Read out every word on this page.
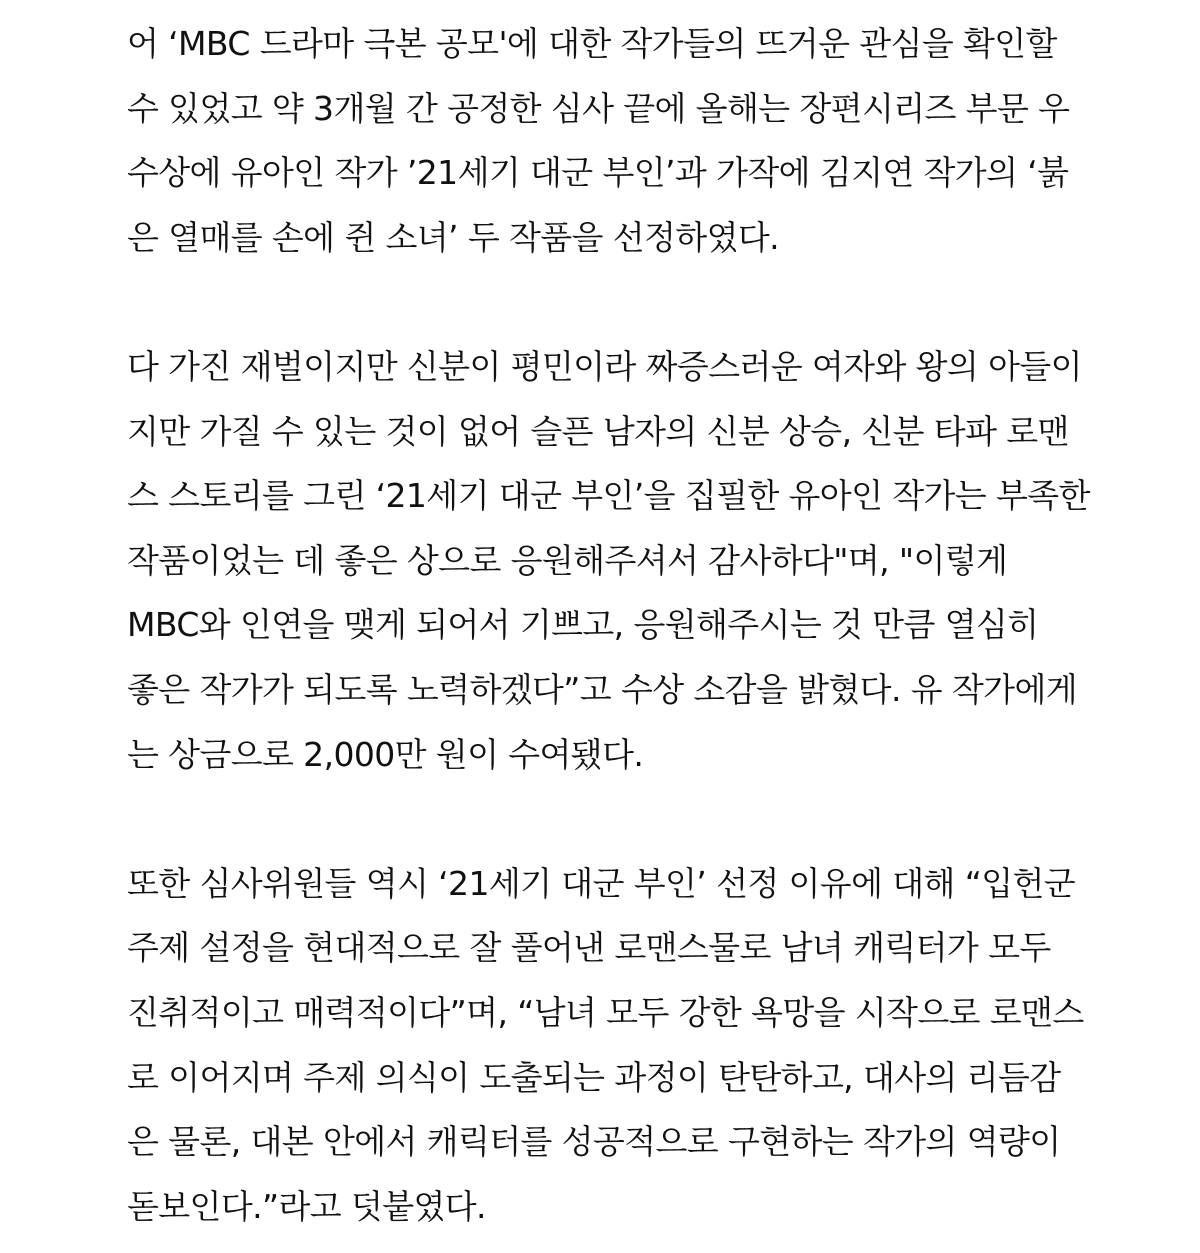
어 ‘MBC 드라마 극본 공모'에 대한 작가들의 뜨거운 관심을 확인할
수 있었고 약 3개월 간 공정한 심사 끝에 올해는 장편시리즈 부문 우
수상에 유아인 작가 ’21세기 대군 부인’과 가작에 김지연 작가의 ‘붉
은 열매를 손에 쥔 소녀’ 두 작품을 선정하였다.

다 가진 재벌이지만 신분이 평민이라 짜증스러운 여자와 왕의 아들이
지만 가질 수 있는 것이 없어 슬픈 남자의 신분 상승, 신분 타파 로맨
스 스토리를 그린 ‘21세기 대군 부인’을 집필한 유아인 작가는 부족한
작품이었는 데 좋은 상으로 응원해주셔서 감사하다"며, "이렇게
MBC와 인연을 맺게 되어서 기쁘고, 응원해주시는 것 만큼 열심히
좋은 작가가 되도록 노력하겠다”고 수상 소감을 밝혔다. 유 작가에게
는 상금으로 2,000만 원이 수여됐다.

또한 심사위원들 역시 ‘21세기 대군 부인’ 선정 이유에 대해 “입헌군
주제 설정을 현대적으로 잘 풀어낸 로맨스물로 남녀 캐릭터가 모두
진취적이고 매력적이다”며, “남녀 모두 강한 욕망을 시작으로 로맨스
로 이어지며 주제 의식이 도출되는 과정이 탄탄하고, 대사의 리듬감
은 물론, 대본 안에서 캐릭터를 성공적으로 구현하는 작가의 역량이
돋보인다.”라고 덧붙였다.
